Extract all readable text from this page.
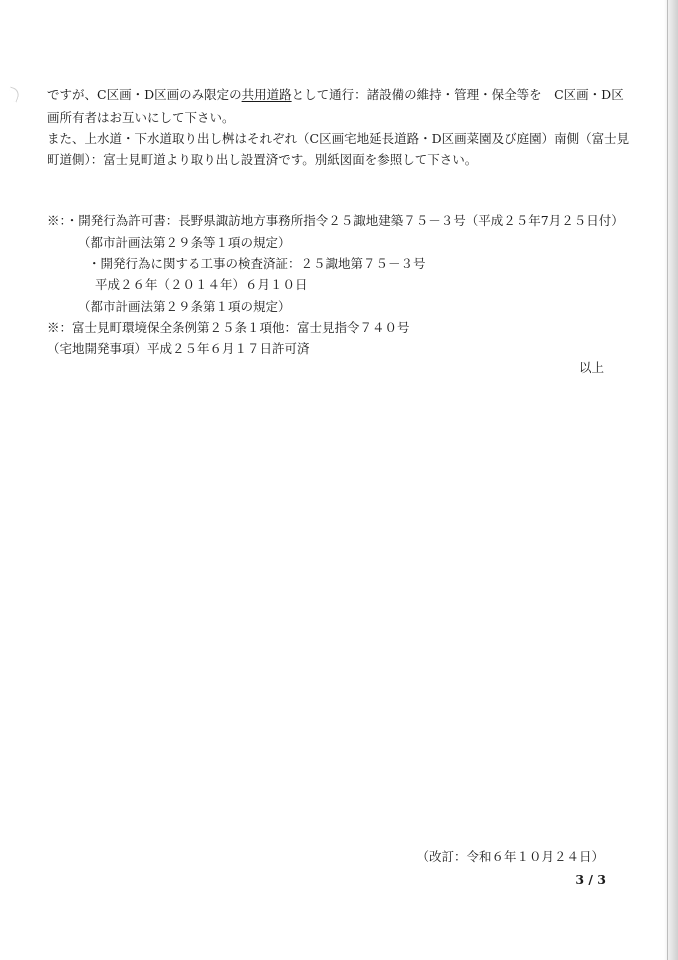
ですが、C区画・D区画のみ限定の共用道路として通行：諸設備の維持・管理・保全等を　C区画・D区
画所有者はお互いにして下さい。
また、上水道・下水道取り出し桝はそれぞれ（C区画宅地延長道路・D区画菜園及び庭園）南側（富士見
町道側）：富士見町道より取り出し設置済です。別紙図面を参照して下さい。
※：・開発行為許可書：長野県諏訪地方事務所指令２５諏地建築７５－３号（平成２５年7月２５日付）
（都市計画法第２９条等１項の規定）
・開発行為に関する工事の検査済証：２５諏地第７５－３号
平成２６年（２０１４年）６月１０日
（都市計画法第２９条第１項の規定）
※：富士見町環境保全条例第２５条１項他：富士見指令７４０号
（宅地開発事項）平成２５年６月１７日許可済
以上
（改訂：令和６年１０月２４日）
3 / 3
